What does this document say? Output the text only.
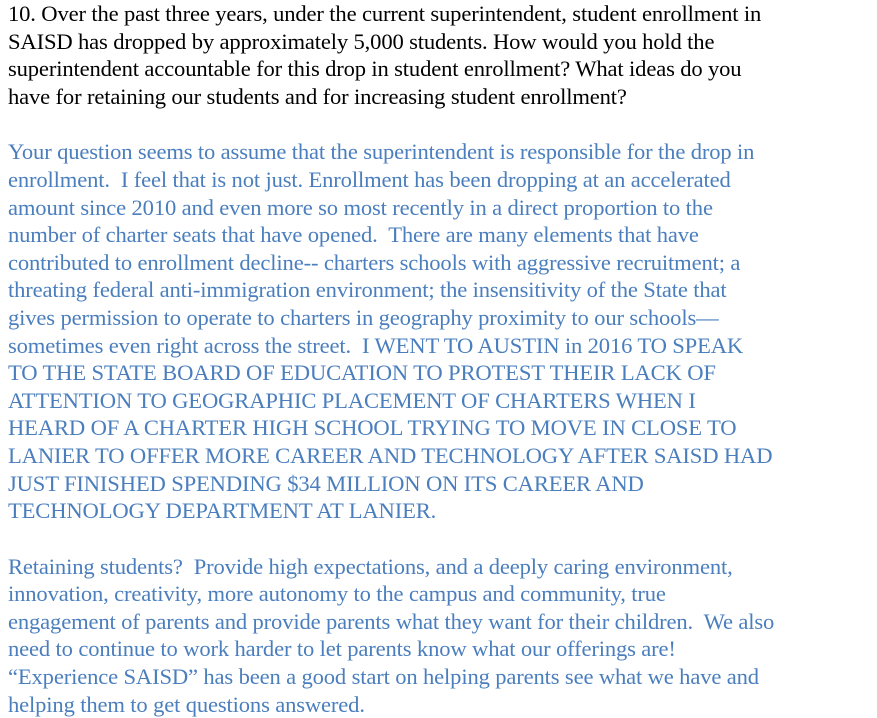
10. Over the past three years, under the current superintendent, student enrollment in
SAISD has dropped by approximately 5,000 students. How would you hold the
superintendent accountable for this drop in student enrollment? What ideas do you
have for retaining our students and for increasing student enrollment?

Your question seems to assume that the superintendent is responsible for the drop in
enrollment.  I feel that is not just. Enrollment has been dropping at an accelerated
amount since 2010 and even more so most recently in a direct proportion to the
number of charter seats that have opened.  There are many elements that have
contributed to enrollment decline-- charters schools with aggressive recruitment; a
threating federal anti-immigration environment; the insensitivity of the State that
gives permission to operate to charters in geography proximity to our schools—
sometimes even right across the street.  I WENT TO AUSTIN in 2016 TO SPEAK
TO THE STATE BOARD OF EDUCATION TO PROTEST THEIR LACK OF
ATTENTION TO GEOGRAPHIC PLACEMENT OF CHARTERS WHEN I
HEARD OF A CHARTER HIGH SCHOOL TRYING TO MOVE IN CLOSE TO
LANIER TO OFFER MORE CAREER AND TECHNOLOGY AFTER SAISD HAD
JUST FINISHED SPENDING $34 MILLION ON ITS CAREER AND
TECHNOLOGY DEPARTMENT AT LANIER.

Retaining students?  Provide high expectations, and a deeply caring environment,
innovation, creativity, more autonomy to the campus and community, true
engagement of parents and provide parents what they want for their children.  We also
need to continue to work harder to let parents know what our offerings are!
“Experience SAISD” has been a good start on helping parents see what we have and
helping them to get questions answered.
